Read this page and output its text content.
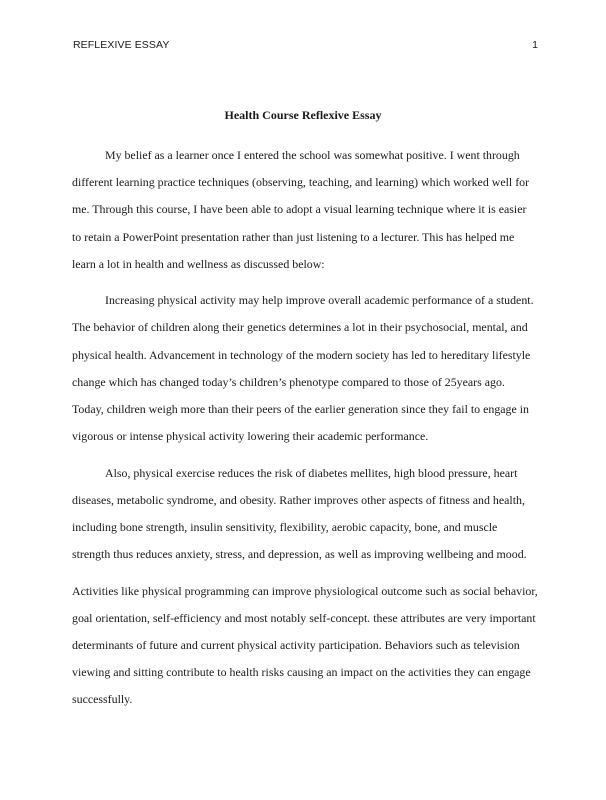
REFLEXIVE ESSAY	1
Health Course Reflexive Essay

My belief as a learner once I entered the school was somewhat positive. I went through different learning practice techniques (observing, teaching, and learning) which worked well for me. Through this course, I have been able to adopt a visual learning technique where it is easier to retain a PowerPoint presentation rather than just listening to a lecturer. This has helped me learn a lot in health and wellness as discussed below:

Increasing physical activity may help improve overall academic performance of a student. The behavior of children along their genetics determines a lot in their psychosocial, mental, and physical health. Advancement in technology of the modern society has led to hereditary lifestyle change which has changed today’s children’s phenotype compared to those of 25years ago. Today, children weigh more than their peers of the earlier generation since they fail to engage in vigorous or intense physical activity lowering their academic performance.

Also, physical exercise reduces the risk of diabetes mellites, high blood pressure, heart diseases, metabolic syndrome, and obesity. Rather improves other aspects of fitness and health, including bone strength, insulin sensitivity, flexibility, aerobic capacity, bone, and muscle strength thus reduces anxiety, stress, and depression, as well as improving wellbeing and mood.

Activities like physical programming can improve physiological outcome such as social behavior, goal orientation, self-efficiency and most notably self-concept. these attributes are very important determinants of future and current physical activity participation. Behaviors such as television viewing and sitting contribute to health risks causing an impact on the activities they can engage successfully.
